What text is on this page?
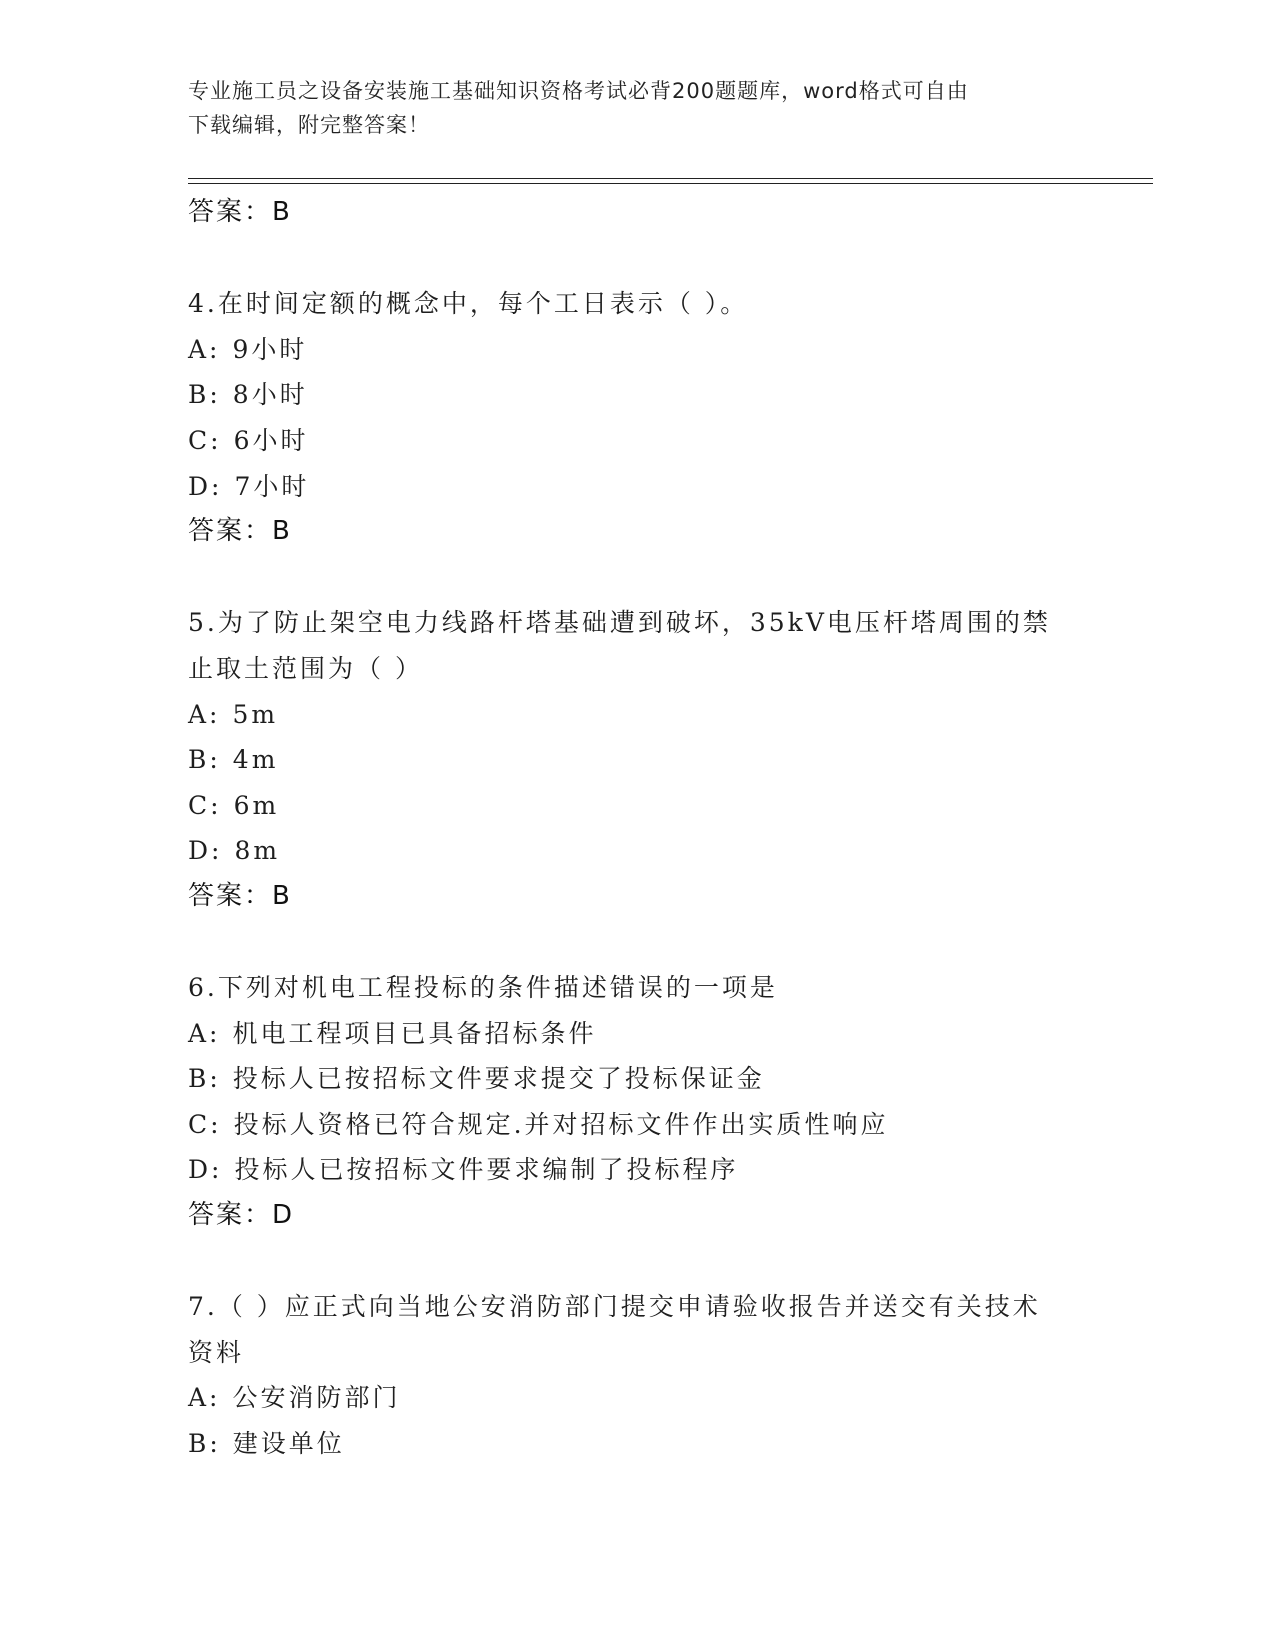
专业施工员之设备安装施工基础知识资格考试必背200题题库，word格式可自由
下载编辑，附完整答案！
答案：B
4.在时间定额的概念中，每个工日表示（ ）。
A: 9小时
B: 8小时
C: 6小时
D: 7小时
答案：B
5.为了防止架空电力线路杆塔基础遭到破坏，35kV电压杆塔周围的禁
止取土范围为（ ）
A: 5m
B: 4m
C: 6m
D: 8m
答案：B
6.下列对机电工程投标的条件描述错误的一项是
A: 机电工程项目已具备招标条件
B: 投标人已按招标文件要求提交了投标保证金
C: 投标人资格已符合规定.并对招标文件作出实质性响应
D: 投标人已按招标文件要求编制了投标程序
答案：D
7.（ ）应正式向当地公安消防部门提交申请验收报告并送交有关技术
资料
A: 公安消防部门
B: 建设单位
